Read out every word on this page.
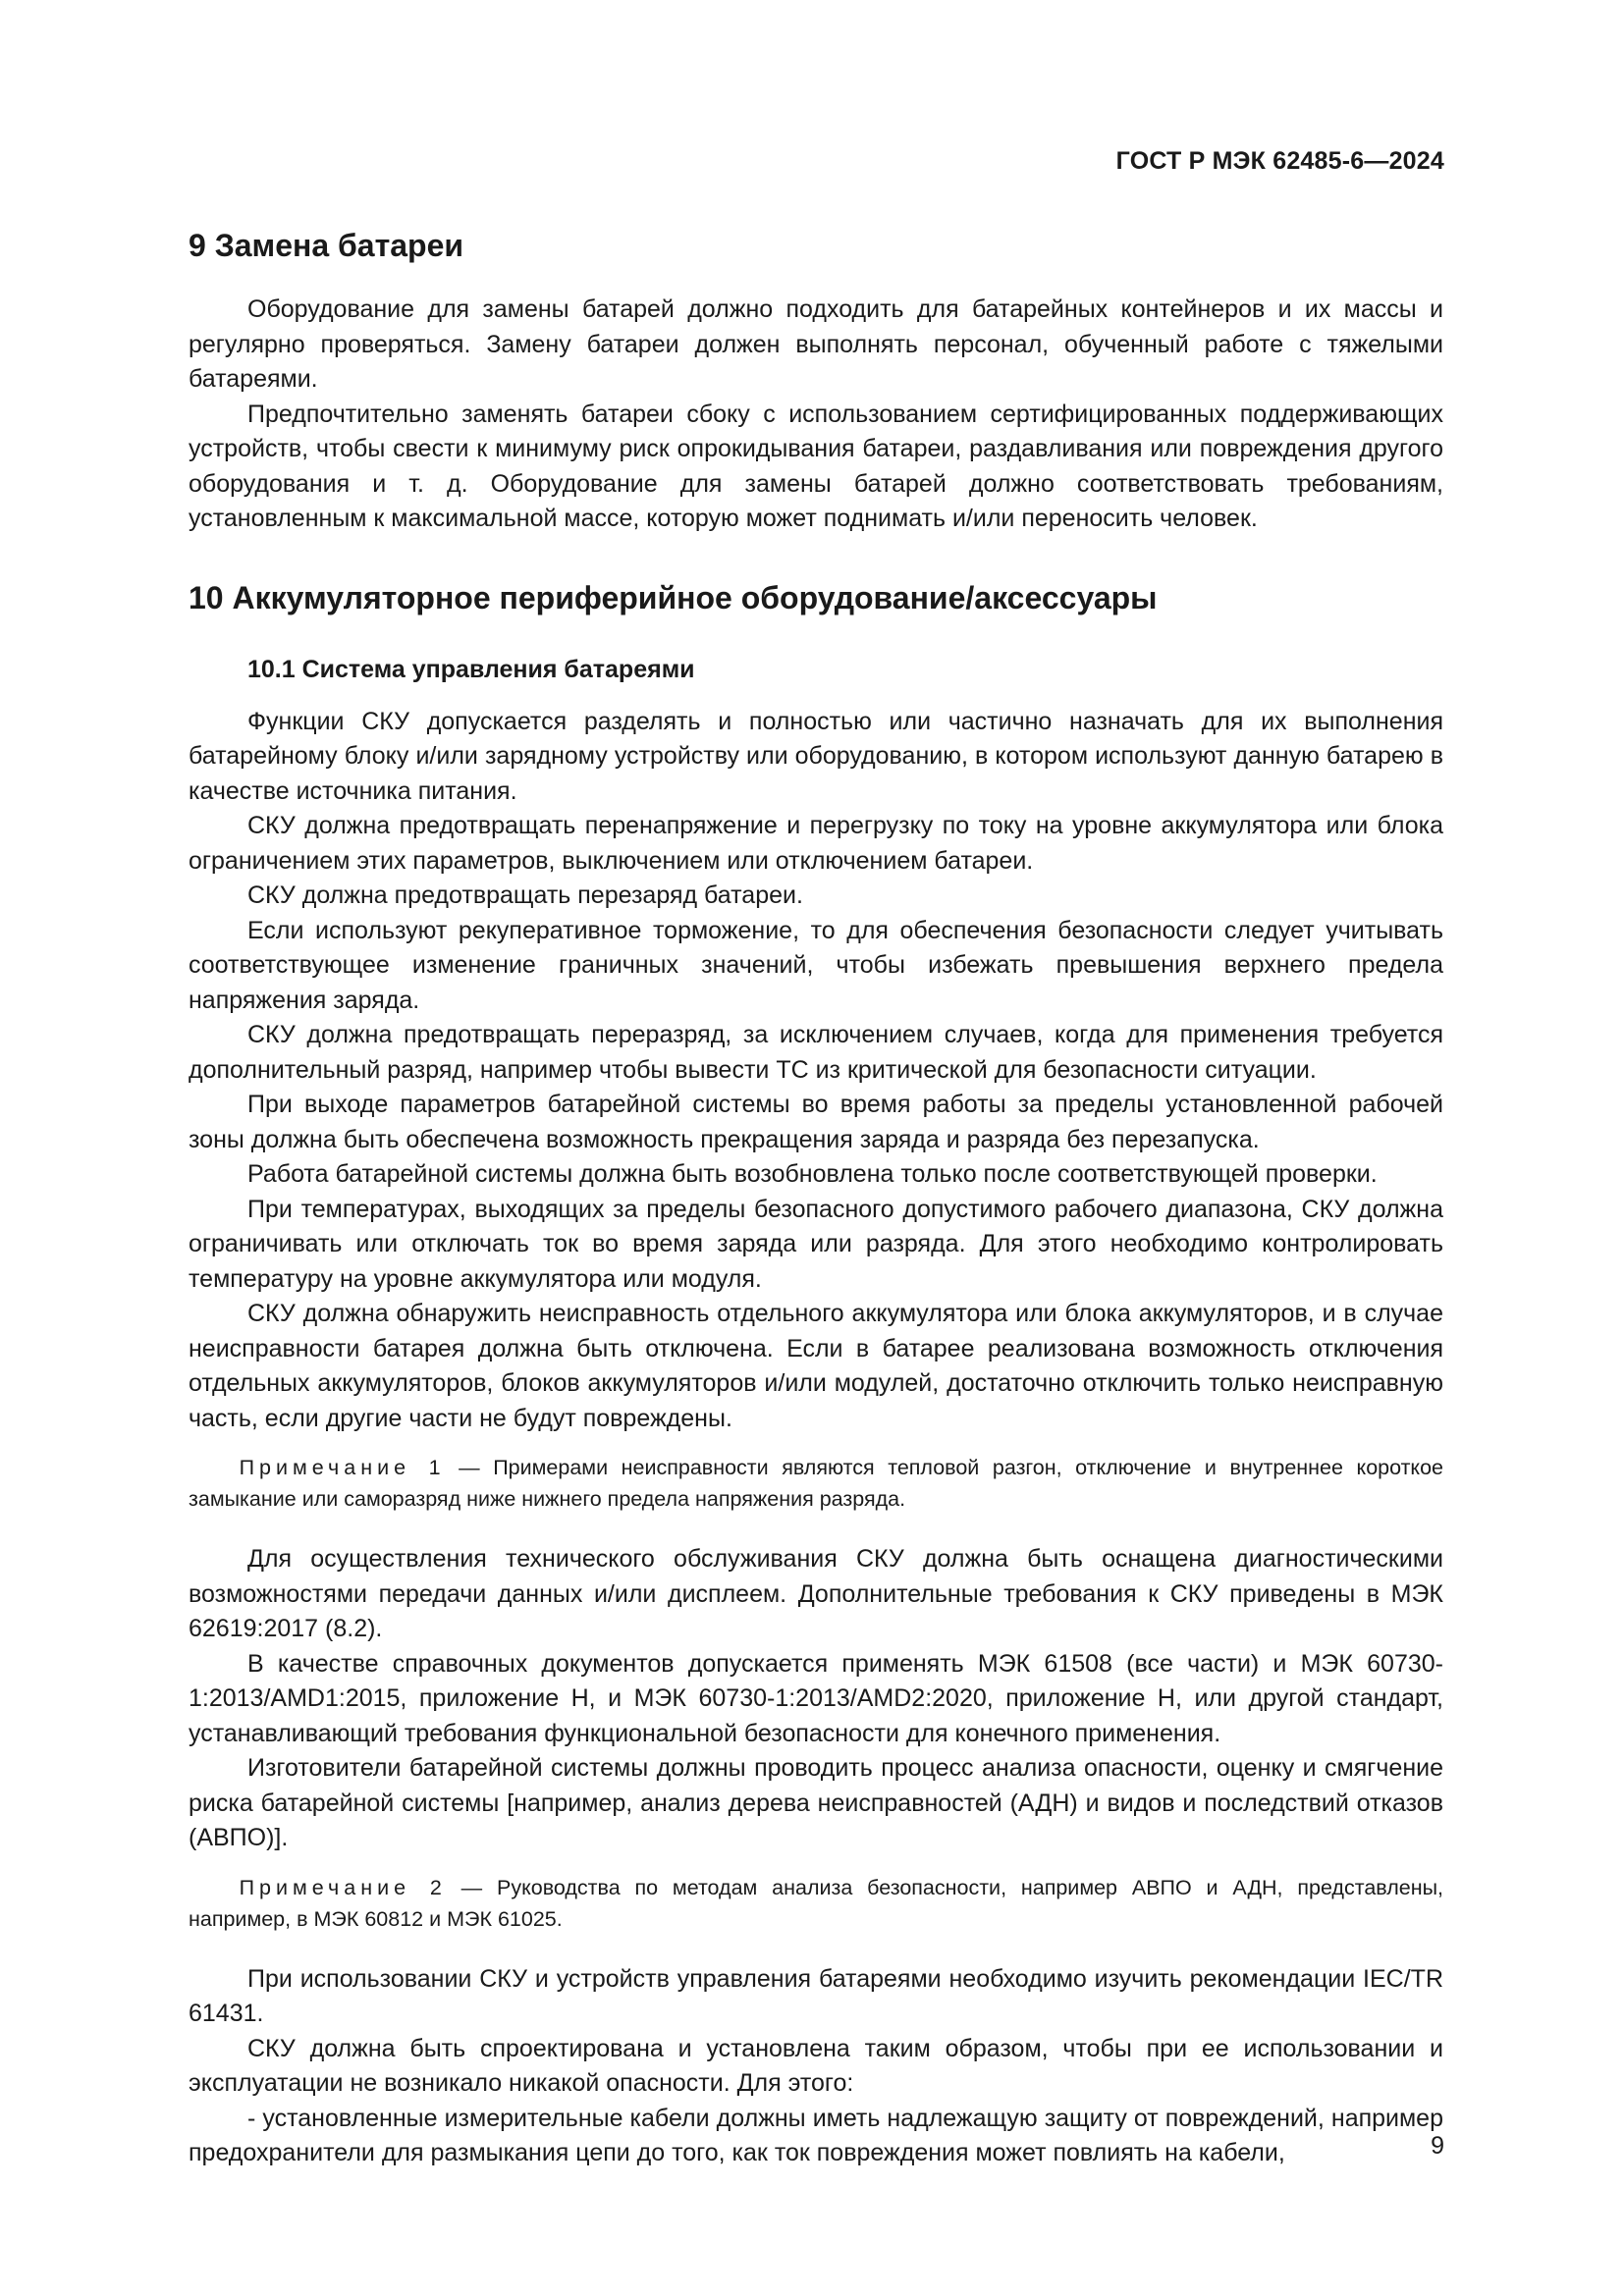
ГОСТ Р МЭК 62485-6—2024
9 Замена батареи

Оборудование для замены батарей должно подходить для батарейных контейнеров и их массы и регулярно проверяться. Замену батареи должен выполнять персонал, обученный работе с тяжелыми батареями.

Предпочтительно заменять батареи сбоку с использованием сертифицированных поддерживающих устройств, чтобы свести к минимуму риск опрокидывания батареи, раздавливания или повреждения другого оборудования и т. д. Оборудование для замены батарей должно соответствовать требованиям, установленным к максимальной массе, которую может поднимать и/или переносить человек.

10 Аккумуляторное периферийное оборудование/аксессуары
10.1 Система управления батареями

Функции СКУ допускается разделять и полностью или частично назначать для их выполнения батарейному блоку и/или зарядному устройству или оборудованию, в котором используют данную батарею в качестве источника питания.

СКУ должна предотвращать перенапряжение и перегрузку по току на уровне аккумулятора или блока ограничением этих параметров, выключением или отключением батареи.

СКУ должна предотвращать перезаряд батареи.

Если используют рекуперативное торможение, то для обеспечения безопасности следует учитывать соответствующее изменение граничных значений, чтобы избежать превышения верхнего предела напряжения заряда.

СКУ должна предотвращать переразряд, за исключением случаев, когда для применения требуется дополнительный разряд, например чтобы вывести ТС из критической для безопасности ситуации.

При выходе параметров батарейной системы во время работы за пределы установленной рабочей зоны должна быть обеспечена возможность прекращения заряда и разряда без перезапуска.

Работа батарейной системы должна быть возобновлена только после соответствующей проверки.

При температурах, выходящих за пределы безопасного допустимого рабочего диапазона, СКУ должна ограничивать или отключать ток во время заряда или разряда. Для этого необходимо контролировать температуру на уровне аккумулятора или модуля.

СКУ должна обнаружить неисправность отдельного аккумулятора или блока аккумуляторов, и в случае неисправности батарея должна быть отключена. Если в батарее реализована возможность отключения отдельных аккумуляторов, блоков аккумуляторов и/или модулей, достаточно отключить только неисправную часть, если другие части не будут повреждены.

Примечание 1 — Примерами неисправности являются тепловой разгон, отключение и внутреннее короткое замыкание или саморазряд ниже нижнего предела напряжения разряда.

Для осуществления технического обслуживания СКУ должна быть оснащена диагностическими возможностями передачи данных и/или дисплеем. Дополнительные требования к СКУ приведены в МЭК 62619:2017 (8.2).

В качестве справочных документов допускается применять МЭК 61508 (все части) и МЭК 60730-1:2013/AMD1:2015, приложение Н, и МЭК 60730-1:2013/AMD2:2020, приложение Н, или другой стандарт, устанавливающий требования функциональной безопасности для конечного применения.

Изготовители батарейной системы должны проводить процесс анализа опасности, оценку и смягчение риска батарейной системы [например, анализ дерева неисправностей (АДН) и видов и последствий отказов (АВПО)].

Примечание 2 — Руководства по методам анализа безопасности, например АВПО и АДН, представлены, например, в МЭК 60812 и МЭК 61025.

При использовании СКУ и устройств управления батареями необходимо изучить рекомендации IEC/TR 61431.

СКУ должна быть спроектирована и установлена таким образом, чтобы при ее использовании и эксплуатации не возникало никакой опасности. Для этого:

- установленные измерительные кабели должны иметь надлежащую защиту от повреждений, например предохранители для размыкания цепи до того, как ток повреждения может повлиять на кабели,	9
